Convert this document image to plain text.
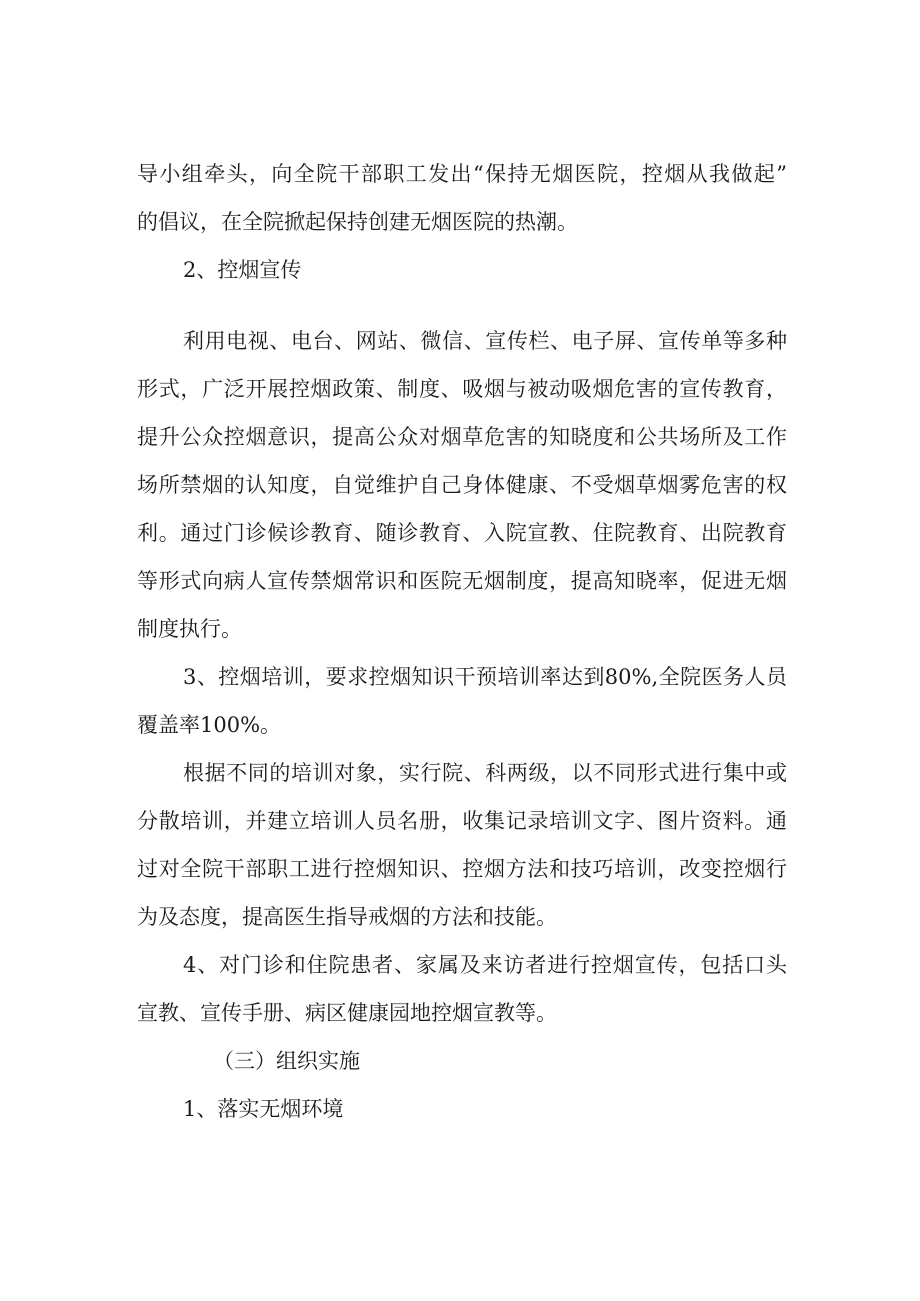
导小组牵头，向全院干部职工发出“保持无烟医院，控烟从我做起”
的倡议，在全院掀起保持创建无烟医院的热潮。
2、控烟宣传
利用电视、电台、网站、微信、宣传栏、电子屏、宣传单等多种
形式，广泛开展控烟政策、制度、吸烟与被动吸烟危害的宣传教育，
提升公众控烟意识，提高公众对烟草危害的知晓度和公共场所及工作
场所禁烟的认知度，自觉维护自己身体健康、不受烟草烟雾危害的权
利。通过门诊候诊教育、随诊教育、入院宣教、住院教育、出院教育
等形式向病人宣传禁烟常识和医院无烟制度，提高知晓率，促进无烟
制度执行。
3、控烟培训，要求控烟知识干预培训率达到80%,全院医务人员
覆盖率100%。
根据不同的培训对象，实行院、科两级，以不同形式进行集中或
分散培训，并建立培训人员名册，收集记录培训文字、图片资料。通
过对全院干部职工进行控烟知识、控烟方法和技巧培训，改变控烟行
为及态度，提高医生指导戒烟的方法和技能。
4、对门诊和住院患者、家属及来访者进行控烟宣传，包括口头
宣教、宣传手册、病区健康园地控烟宣教等。
（三）组织实施
1、落实无烟环境
